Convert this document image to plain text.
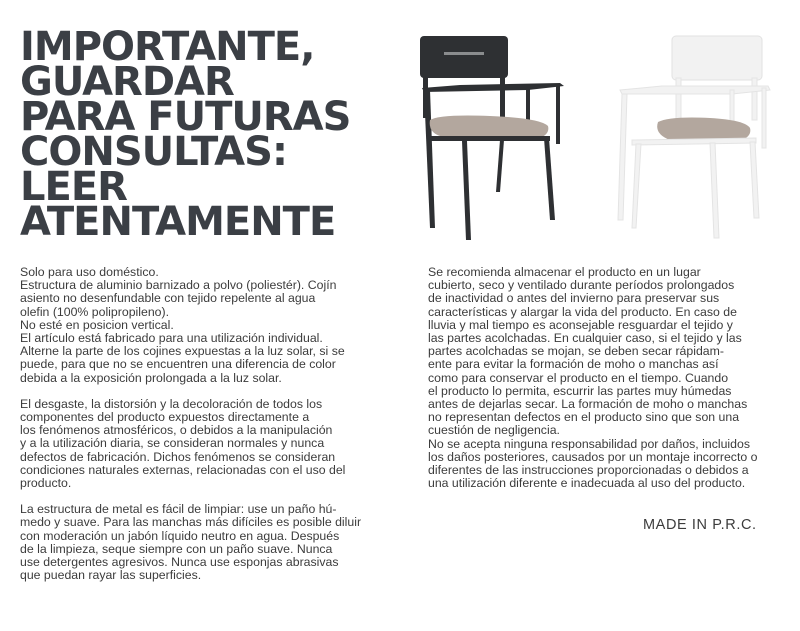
IMPORTANTE,
GUARDAR
PARA FUTURAS
CONSULTAS:
LEER
ATENTAMENTE
Solo para uso doméstico.
Estructura de aluminio barnizado a polvo (poliestér). Cojín
asiento no desenfundable con tejido repelente al agua
olefin (100% polipropileno).
No esté en posicion vertical.
El artículo está fabricado para una utilización individual.
Alterne la parte de los cojines expuestas a la luz solar, si se
puede, para que no se encuentren una diferencia de color
debida a la exposición prolongada a la luz solar.
El desgaste, la distorsión y la decoloración de todos los
componentes del producto expuestos directamente a
los fenómenos atmosféricos, o debidos a la manipulación
y a la utilización diaria, se consideran normales y nunca
defectos de fabricación. Dichos fenómenos se consideran
condiciones naturales externas, relacionadas con el uso del
producto.
La estructura de metal es fácil de limpiar: use un paño hú-
medo y suave. Para las manchas más difíciles es posible diluir
con moderación un jabón líquido neutro en agua. Después
de la limpieza, seque siempre con un paño suave. Nunca
use detergentes agresivos. Nunca use esponjas abrasivas
que puedan rayar las superficies.
Se recomienda almacenar el producto en un lugar
cubierto, seco y ventilado durante períodos prolongados
de inactividad o antes del invierno para preservar sus
características y alargar la vida del producto. En caso de
lluvia y mal tiempo es aconsejable resguardar el tejido y
las partes acolchadas. En cualquier caso, si el tejido y las
partes acolchadas se mojan, se deben secar rápidam-
ente para evitar la formación de moho o manchas así
como para conservar el producto en el tiempo. Cuando
el producto lo permita, escurrir las partes muy húmedas
antes de dejarlas secar. La formación de moho o manchas
no representan defectos en el producto sino que son una
cuestión de negligencia.
No se acepta ninguna responsabilidad por daños, incluidos
los daños posteriores, causados por un montaje incorrecto o
diferentes de las instrucciones proporcionadas o debidos a
una utilización diferente e inadecuada al uso del producto.
MADE IN P.R.C.
